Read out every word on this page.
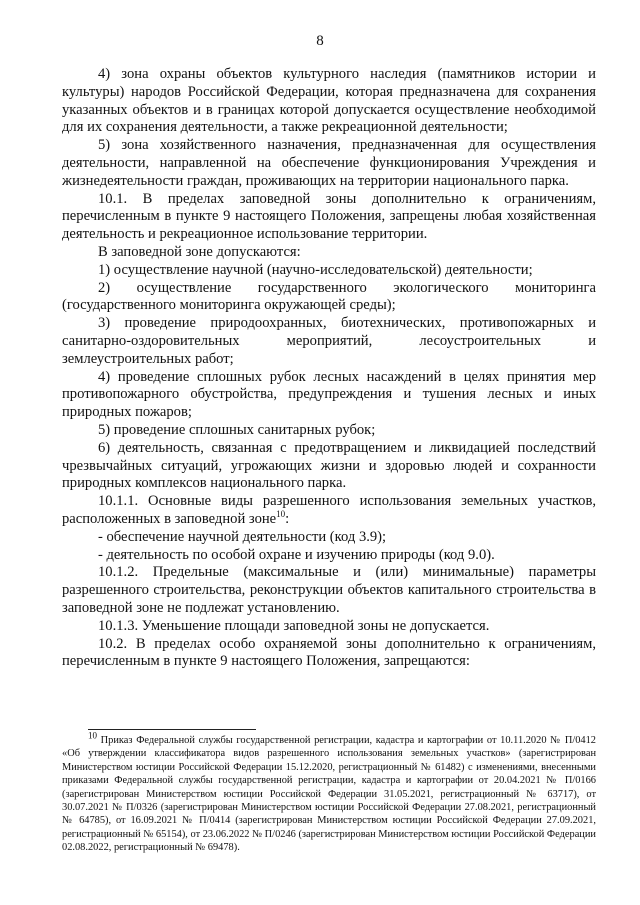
8

4) зона охраны объектов культурного наследия (памятников истории и культуры) народов Российской Федерации, которая предназначена для сохранения указанных объектов и в границах которой допускается осуществление необходимой для их сохранения деятельности, а также рекреационной деятельности;

5) зона хозяйственного назначения, предназначенная для осуществления деятельности, направленной на обеспечение функционирования Учреждения и жизнедеятельности граждан, проживающих на территории национального парка.

10.1. В пределах заповедной зоны дополнительно к ограничениям, перечисленным в пункте 9 настоящего Положения, запрещены любая хозяйственная деятельность и рекреационное использование территории.

В заповедной зоне допускаются:

1) осуществление научной (научно-исследовательской) деятельности;

2) осуществление государственного экологического мониторинга (государственного мониторинга окружающей среды);

3) проведение природоохранных, биотехнических, противопожарных и санитарно-оздоровительных мероприятий, лесоустроительных и землеустроительных работ;

4) проведение сплошных рубок лесных насаждений в целях принятия мер противопожарного обустройства, предупреждения и тушения лесных и иных природных пожаров;

5) проведение сплошных санитарных рубок;

6) деятельность, связанная с предотвращением и ликвидацией последствий чрезвычайных ситуаций, угрожающих жизни и здоровью людей и сохранности природных комплексов национального парка.

10.1.1. Основные виды разрешенного использования земельных участков, расположенных в заповедной зоне$^{10}$:

- обеспечение научной деятельности (код 3.9);

- деятельность по особой охране и изучению природы (код 9.0).

10.1.2. Предельные (максимальные и (или) минимальные) параметры разрешенного строительства, реконструкции объектов капитального строительства в заповедной зоне не подлежат установлению.

10.1.3. Уменьшение площади заповедной зоны не допускается.

10.2. В пределах особо охраняемой зоны дополнительно к ограничениям, перечисленным в пункте 9 настоящего Положения, запрещаются:

$^{10}$ Приказ Федеральной службы государственной регистрации, кадастра и картографии от 10.11.2020 № П/0412 «Об утверждении классификатора видов разрешенного использования земельных участков» (зарегистрирован Министерством юстиции Российской Федерации 15.12.2020, регистрационный № 61482) с изменениями, внесенными приказами Федеральной службы государственной регистрации, кадастра и картографии от 20.04.2021 № П/0166 (зарегистрирован Министерством юстиции Российской Федерации 31.05.2021, регистрационный № 63717), от 30.07.2021 № П/0326 (зарегистрирован Министерством юстиции Российской Федерации 27.08.2021, регистрационный № 64785), от 16.09.2021 № П/0414 (зарегистрирован Министерством юстиции Российской Федерации 27.09.2021, регистрационный № 65154), от 23.06.2022 № П/0246 (зарегистрирован Министерством юстиции Российской Федерации 02.08.2022, регистрационный № 69478).
